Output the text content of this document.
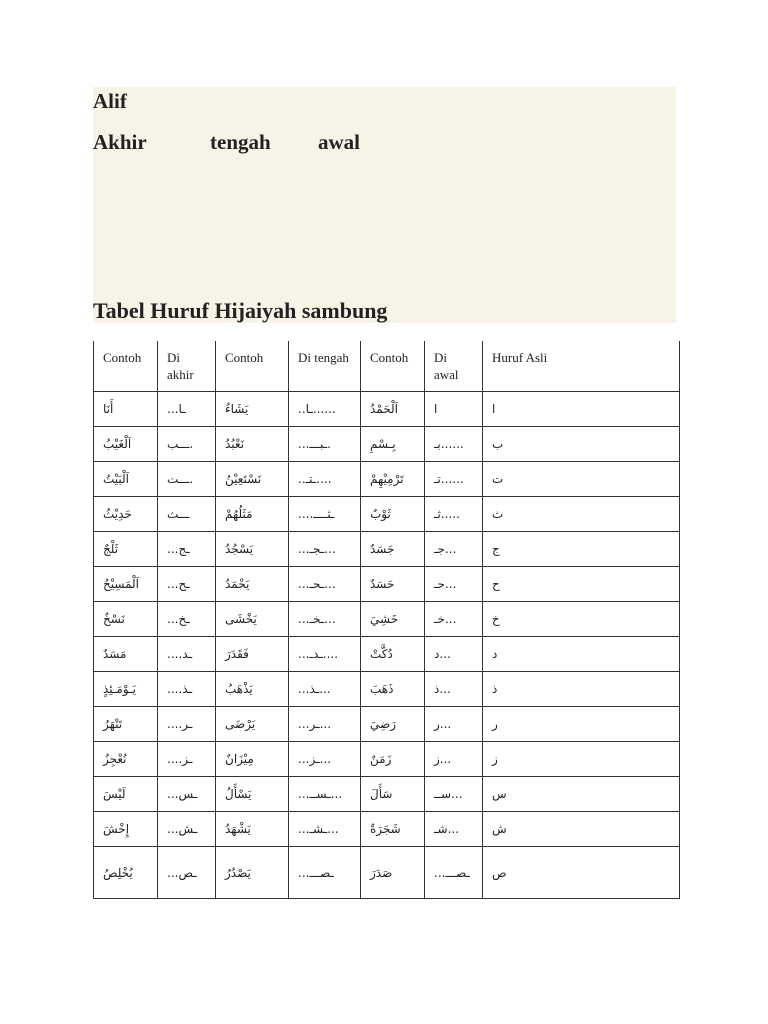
Alif
Akhir	tengah awal
Tabel Huruf Hijaiyah sambung
Contoh	Di akhir	Contoh	Di tengah	Contoh	Di awal	Huruf Asli
أَنَا	...ـا	يَشَاءُ	..ـا......	اَلْحَمْدُ	ا	ا
اَلْغَيْبُ	ـــب.	نَعْبُدُ	...ـبـــ.	بِـسْمِ	بـ......	ب
اَلْبَيْتُ	ـــت.	نَسْتَعِيْنُ	..ـتـ....	تَرْمِيْهِمْ	تـ......	ت
حَدِيْثُ	ـــث	مَثَلُهُمْ	....ـثــــ	ثَوْبٌ	ثـ.....	ث
ثَلْجٌ	...ـج	يَسْجُدُ	...ـجـ...	جَسَدٌ	جـ...	ج
اَلْمَسِيْحُ	...ـح	يَحْمَدُ	...ـحـ...	حَسَدٌ	حـ...	ح
نَسْخٌ	...ـخ	يَخْشَى	...ـخـ...	خَشِيَ	خـ...	خ
مَسَدٌ	....ـد	فَقَدَرَ	...ـدـ....	دُكَّتْ	د...	د
يَـوْمَـئِذٍ	....ـذ	يَذْهَبُ	...ـذ...	ذَهَبَ	ذ...	ذ
تَنْهَرُ	....ـر	يَرْضَى	...ـر...	رَضِيَ	ر...	ر
نُعْجِزُ	....ـز	مِيْزَانٌ	...ـز...	زَمَنٌ	ز...	ز
لَيْسَ	...ـس	يَسْأَلُ	...ـســ...	سَأَلَ	ســ...	س
إِخْشَ	...ـش	يَشْهَدُ	...ـشـ...	شَجَرَةٌ	شـ...	ش
يُخْلِصُ	...ـص	يَصْدُرُ	...ـصـــ	صَدَرَ	...ـصـــ	ص
